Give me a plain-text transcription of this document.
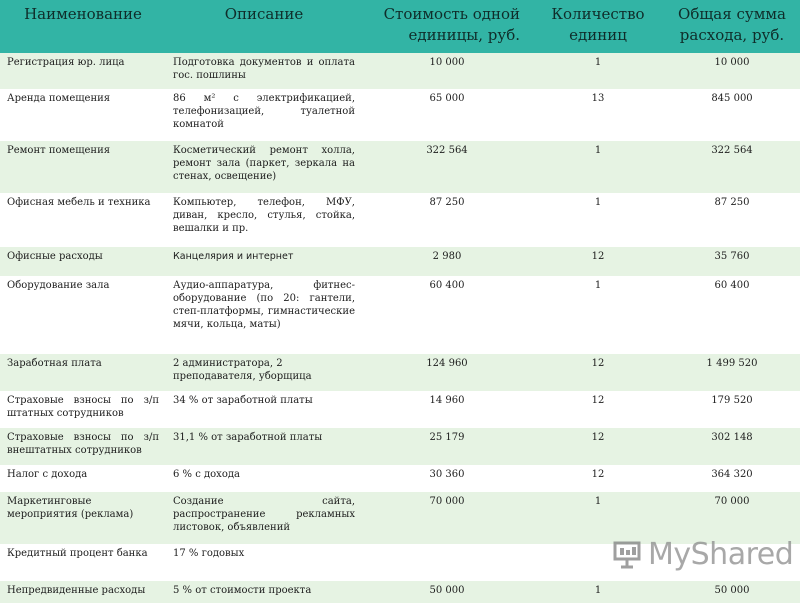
Наименование	Описание	Стоимость одной единицы, руб.	Количество единиц	Общая сумма расхода, руб.
Регистрация юр. лица	Подготовка документов и оплата гос. пошлины	10 000	1	10 000
Аренда помещения	86 м² с электрификацией, телефонизацией, туалетной комнатой	65 000	13	845 000
Ремонт помещения	Косметический ремонт холла, ремонт зала (паркет, зеркала на стенах, освещение)	322 564	1	322 564
Офисная мебель и техника	Компьютер, телефон, МФУ, диван, кресло, стулья, стойка, вешалки и пр.	87 250	1	87 250
Офисные расходы	Канцелярия и интернет	2 980	12	35 760
Оборудование зала	Аудио-аппаратура, фитнес-оборудование (по 20: гантели, степ-платформы, гимнастические мячи, кольца, маты)	60 400	1	60 400
Заработная плата	2 администратора, 2 преподавателя, уборщица	124 960	12	1 499 520
Страховые взносы по з/п штатных сотрудников	34 % от заработной платы	14 960	12	179 520
Страховые взносы по з/п внештатных сотрудников	31,1 % от заработной платы	25 179	12	302 148
Налог с дохода	6 % с дохода	30 360	12	364 320
Маркетинговые мероприятия (реклама)	Создание сайта, распространение рекламных листовок, объявлений	70 000	1	70 000
Кредитный процент банка	17 % годовых			
Непредвиденные расходы	5 % от стоимости проекта	50 000	1	50 000
MyShared
